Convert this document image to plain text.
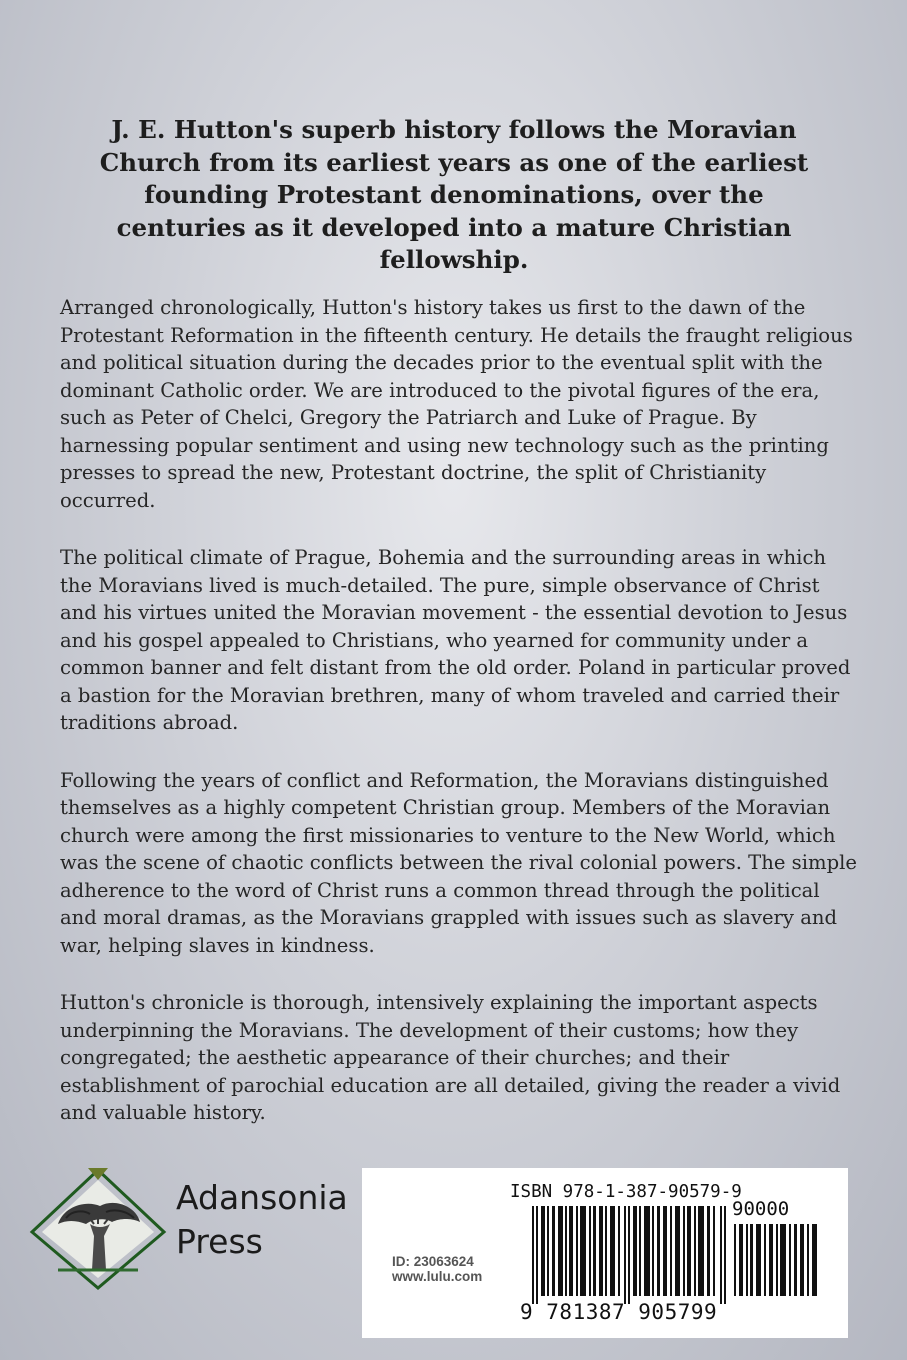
J. E. Hutton's superb history follows the Moravian Church from its earliest years as one of the earliest founding Protestant denominations, over the centuries as it developed into a mature Christian fellowship.

Arranged chronologically, Hutton's history takes us first to the dawn of the Protestant Reformation in the fifteenth century. He details the fraught religious and political situation during the decades prior to the eventual split with the dominant Catholic order. We are introduced to the pivotal figures of the era, such as Peter of Chelci, Gregory the Patriarch and Luke of Prague. By harnessing popular sentiment and using new technology such as the printing presses to spread the new, Protestant doctrine, the split of Christianity occurred.

The political climate of Prague, Bohemia and the surrounding areas in which the Moravians lived is much-detailed. The pure, simple observance of Christ and his virtues united the Moravian movement - the essential devotion to Jesus and his gospel appealed to Christians, who yearned for community under a common banner and felt distant from the old order. Poland in particular proved a bastion for the Moravian brethren, many of whom traveled and carried their traditions abroad.

Following the years of conflict and Reformation, the Moravians distinguished themselves as a highly competent Christian group. Members of the Moravian church were among the first missionaries to venture to the New World, which was the scene of chaotic conflicts between the rival colonial powers. The simple adherence to the word of Christ runs a common thread through the political and moral dramas, as the Moravians grappled with issues such as slavery and war, helping slaves in kindness.

Hutton's chronicle is thorough, intensively explaining the important aspects underpinning the Moravians. The development of their customs; how they congregated; the aesthetic appearance of their churches; and their establishment of parochial education are all detailed, giving the reader a vivid and valuable history.

Adansonia
Press
ISBN 978-1-387-90579-9
90000
ID: 23063624
www.lulu.com
9 781387 905799
